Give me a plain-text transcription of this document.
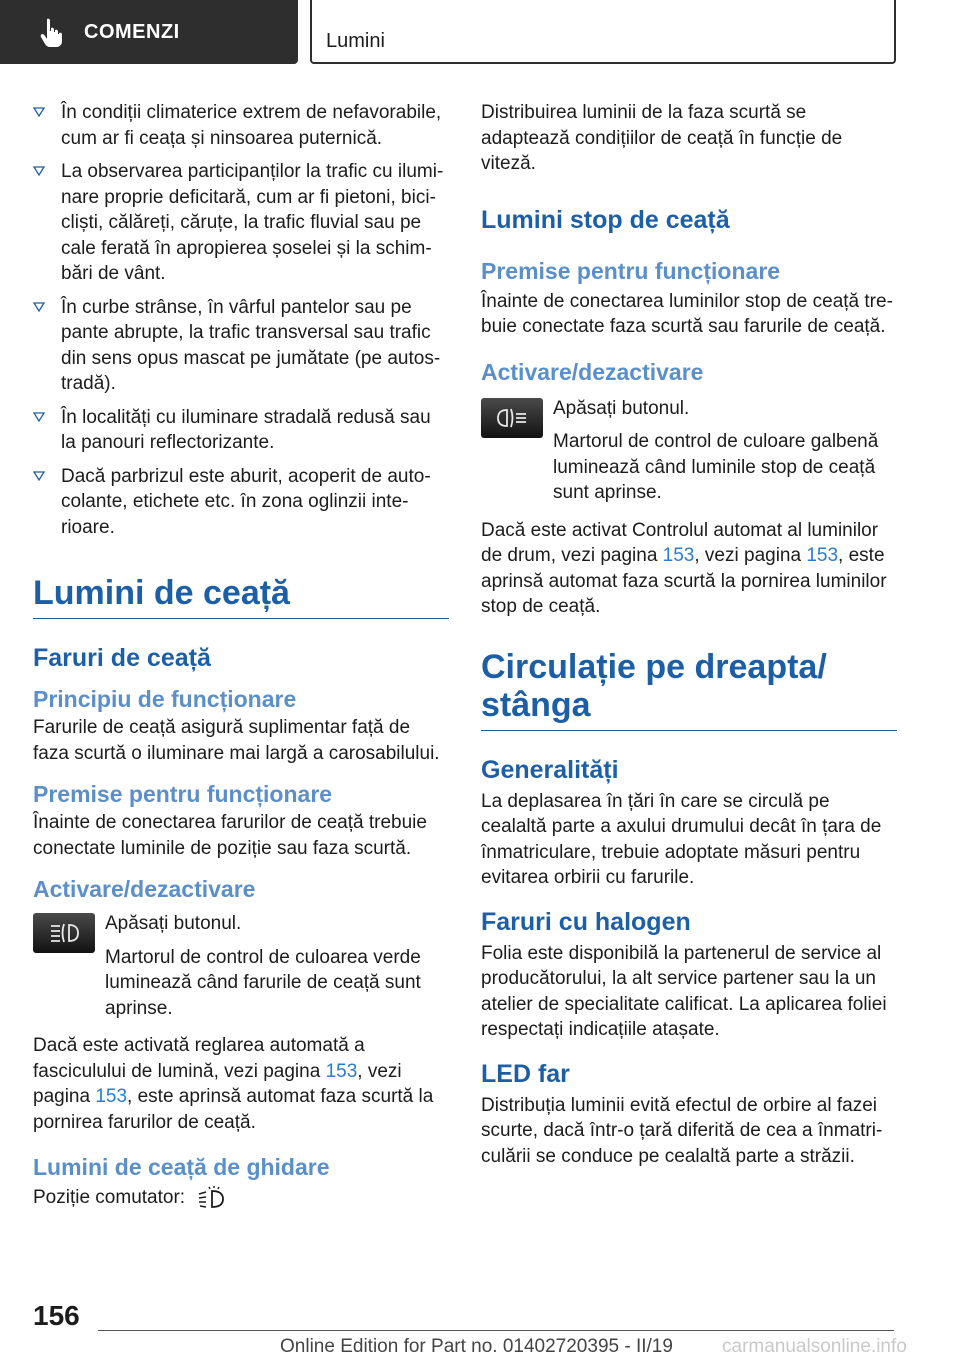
COMENZI	Lumini
În condiții climaterice extrem de nefavorabile, cum ar fi ceața și ninsoarea puternică.
La observarea participanților la trafic cu iluminare proprie deficitară, cum ar fi pietoni, bicicliști, călăreți, căruțe, la trafic fluvial sau pe cale ferată în apropierea șoselei și la schimbări de vânt.
În curbe strânse, în vârful pantelor sau pe pante abrupte, la trafic transversal sau trafic din sens opus mascat pe jumătate (pe autostradă).
În localități cu iluminare stradală redusă sau la panouri reflectorizante.
Dacă parbrizul este aburit, acoperit de autocolante, etichete etc. în zona oglinzii interioare.
Lumini de ceață
Faruri de ceață
Principiu de funcționare

Farurile de ceață asigură suplimentar față de faza scurtă o iluminare mai largă a carosabilului.

Premise pentru funcționare

Înainte de conectarea farurilor de ceață trebuie conectate luminile de poziție sau faza scurtă.

Activare/dezactivare

Apăsați butonul.

Martorul de control de culoarea verde luminează când farurile de ceață sunt aprinse.

Dacă este activată reglarea automată a fasciculului de lumină, vezi pagina 153, vezi pagina 153, este aprinsă automat faza scurtă la pornirea farurilor de ceață.

Lumini de ceață de ghidare

Poziție comutator:

Distribuirea luminii de la faza scurtă se adaptează condițiilor de ceață în funcție de viteză.

Lumini stop de ceață
Premise pentru funcționare

Înainte de conectarea luminilor stop de ceață trebuie conectate faza scurtă sau farurile de ceață.

Activare/dezactivare

Apăsați butonul.

Martorul de control de culoare galbenă luminează când luminile stop de ceață sunt aprinse.

Dacă este activat Controlul automat al luminilor de drum, vezi pagina 153, vezi pagina 153, este aprinsă automat faza scurtă la pornirea luminilor stop de ceață.

Circulație pe dreapta/
stânga
Generalități

La deplasarea în țări în care se circulă pe cealaltă parte a axului drumului decât în țara de înmatriculare, trebuie adoptate măsuri pentru evitarea orbirii cu farurile.

Faruri cu halogen

Folia este disponibilă la partenerul de service al producătorului, la alt service partener sau la un atelier de specialitate calificat. La aplicarea foliei respectați indicațiile atașate.

LED far

Distribuția luminii evită efectul de orbire al fazei scurte, dacă într-o țară diferită de cea a înmatriculării se conduce pe cealaltă parte a străzii.

156
Online Edition for Part no. 01402720395 - II/19	carmanualsonline.info
